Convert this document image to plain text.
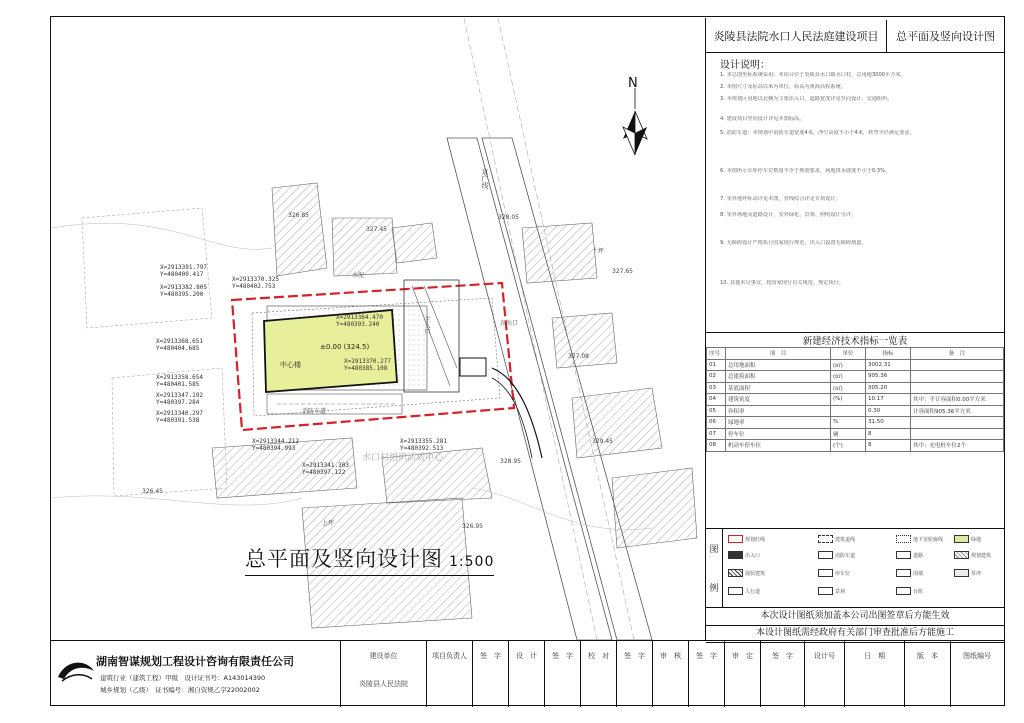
N
京广线
中心楼
±0.00 (324.5)
水口村组织活动中心
消防车道
主入口	东出口
水泥
上坪
十坪
326.85
327.45
328.05
327.08
328.95
326.45
327.65
329.45
326.95
X=2913391.797
Y=480400.417
X=2913382.805
Y=480395.200
X=2913370.325
Y=480402.753
X=2913368.651
Y=480404.685
X=2913358.654
Y=480401.585
X=2913347.192
Y=480397.284
X=2913340.297
Y=480391.538
X=2913344.212
Y=480394.993
X=2913341.303
Y=480397.122
X=2913355.281
Y=480392.513
X=2913364.470
Y=480393.240
X=2913370.277
Y=480385.108
总平面及竖向设计图 1:500
炎陵县法院水口人民法庭建设项目	总平面及竖向设计图
设计说明：
1. 本总图坐标系统采用：本项目位于炎陵县水口镇水口村，总用地3000平方米。
2. 本图尺寸及标高以米为单位，标高为黄海高程系统。
3. 本规划区用地以北侧为主要出入口，道路宽度详见竖向设计，交通组织。
4. 建设项目竖向设计详见本图标高。
5. 消防车道：本规划中消防车道宽度4米，净空高度不小于4米，转弯半径满足要求。
6. 本图所示车库停车位数量不少于规划要求，场地排水坡度不小于0.3%。
7. 室外地坪标高详见本图，管线综合详见专项设计。
8. 室外场地及道路设计，室外绿化、景观、照明设计另详。
9. 无障碍设计严格执行国家现行规范，出入口设置无障碍坡道。
10. 其他未尽事宜，按国家现行有关规范、规定执行。
新建经济技术指标一览表
序号	项　目	单位	指标	备　注
01	总用地面积	(㎡)	3002.31	
02	总建筑面积	(㎡)	905.36	
03	基底面积	(㎡)	305.20	
04	建筑密度	(%)	10.17	其中：不计容面积0.00平方米
05	容积率		0.30	计容面积905.36平方米
06	绿地率	%	31.50	
07	停车位	辆	8	
08	机动车停车位	(个)	8	其中：充电桩车位2个
图
例
规划红线	建筑退线	地下室轮廓线	绿地
出入口	消防车道	道路	规划建筑
现状建筑	停车位	围墙	草坪
人行道	景观	台阶
本次设计图纸须加盖本公司出图签章后方能生效
本设计图纸需经政府有关部门审查批准后方能施工
湖南智谋规划工程设计咨询有限责任公司
建筑行业（建筑工程）甲级　设计证书号：A143014390
城乡规划（乙级）　证书编号：湘自资规乙字22002002
建设单位
炎陵县人民法院
项目负责人	签　字	设　计	签　字	校　对	签　字	审　核	签　字	审　定	签　字	设计号	日　期	版　本	图纸编号
